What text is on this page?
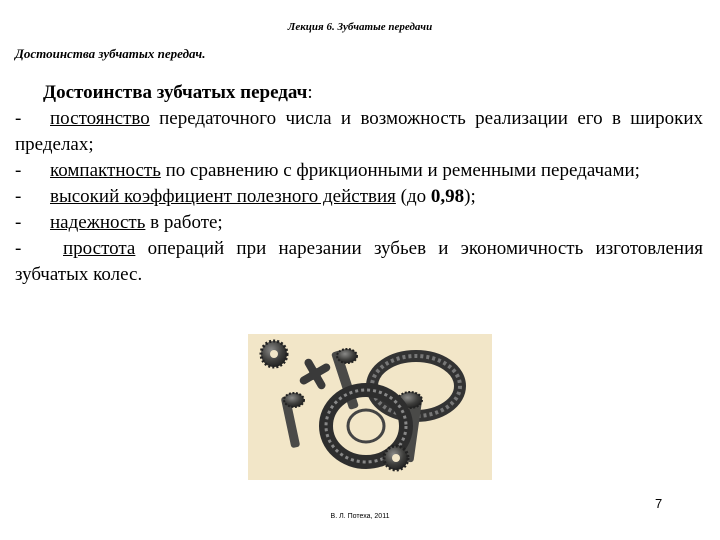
Лекция 6. Зубчатые передачи
Достоинства зубчатых передач.
Достоинства зубчатых передач:
- постоянство передаточного числа и возможность реализации его в широких пределах;
- компактность по сравнению с фрикционными и ременными передачами;
- высокий коэффициент полезного действия (до 0,98);
- надежность в работе;
- простота операций при нарезании зубьев и экономичность изготовления зубчатых колес.
7
В. Л. Потеха, 2011
